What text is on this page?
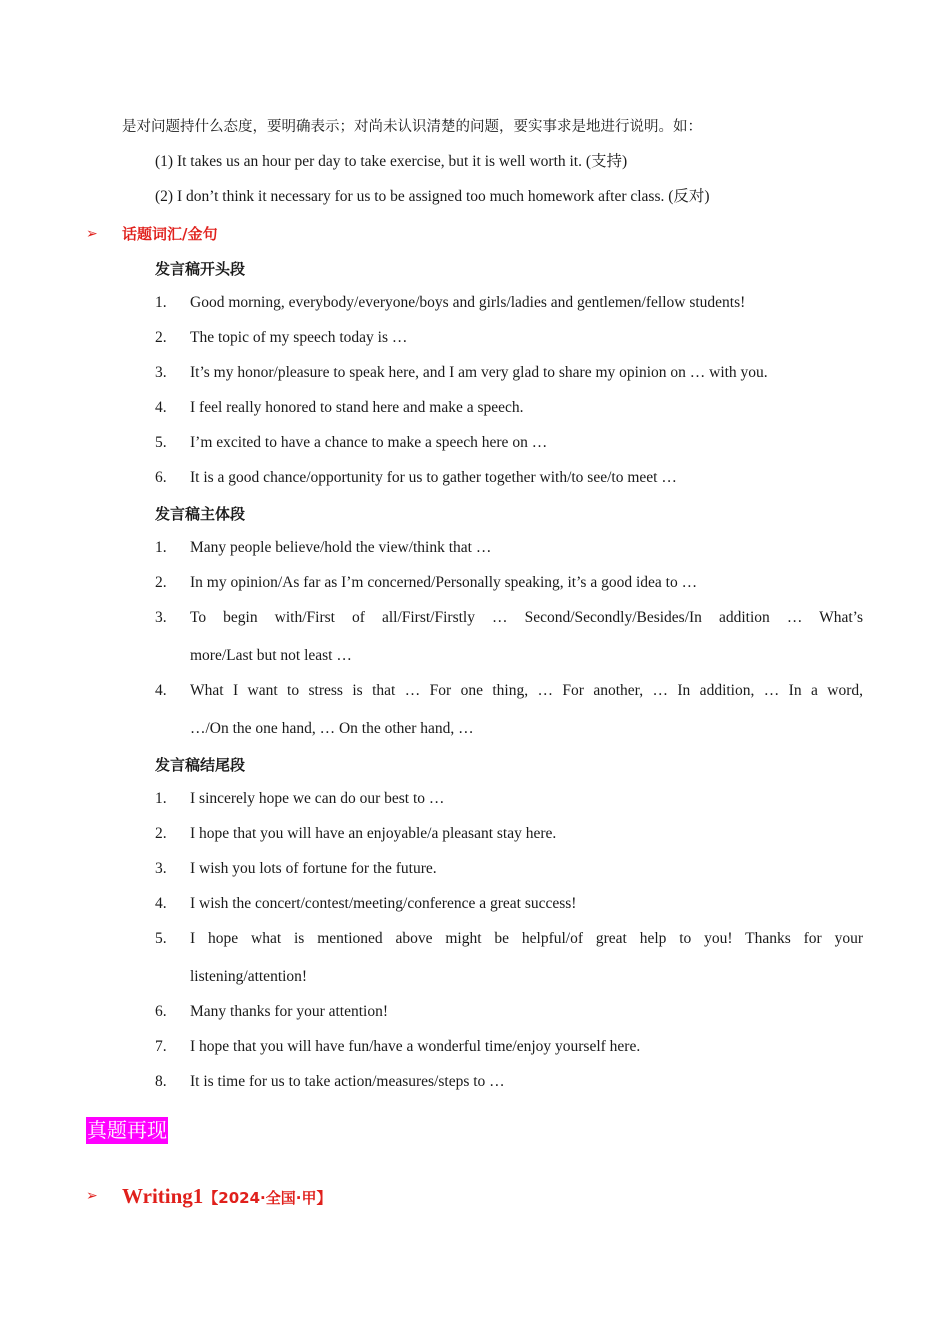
是对问题持什么态度，要明确表示；对尚未认识清楚的问题，要实事求是地进行说明。如：
(1) It takes us an hour per day to take exercise, but it is well worth it. (支持)
(2) I don’t think it necessary for us to be assigned too much homework after class. (反对)
➢ 话题词汇/金句
发言稿开头段
1. Good morning, everybody/everyone/boys and girls/ladies and gentlemen/fellow students!
2. The topic of my speech today is …
3. It’s my honor/pleasure to speak here, and I am very glad to share my opinion on … with you.
4. I feel really honored to stand here and make a speech.
5. I’m excited to have a chance to make a speech here on …
6. It is a good chance/opportunity for us to gather together with/to see/to meet …
发言稿主体段
1. Many people believe/hold the view/think that …
2. In my opinion/As far as I’m concerned/Personally speaking, it’s a good idea to …
3. To begin with/First of all/First/Firstly … Second/Secondly/Besides/In addition … What’s
more/Last but not least …
4. What I want to stress is that … For one thing, … For another, … In addition, … In a word,
…/On the one hand, … On the other hand, …
发言稿结尾段
1. I sincerely hope we can do our best to …
2. I hope that you will have an enjoyable/a pleasant stay here.
3. I wish you lots of fortune for the future.
4. I wish the concert/contest/meeting/conference a great success!
5. I hope what is mentioned above might be helpful/of great help to you! Thanks for your
listening/attention!
6. Many thanks for your attention!
7. I hope that you will have fun/have a wonderful time/enjoy yourself here.
8. It is time for us to take action/measures/steps to …
真题再现
➢ Writing1【2024·全国·甲】
